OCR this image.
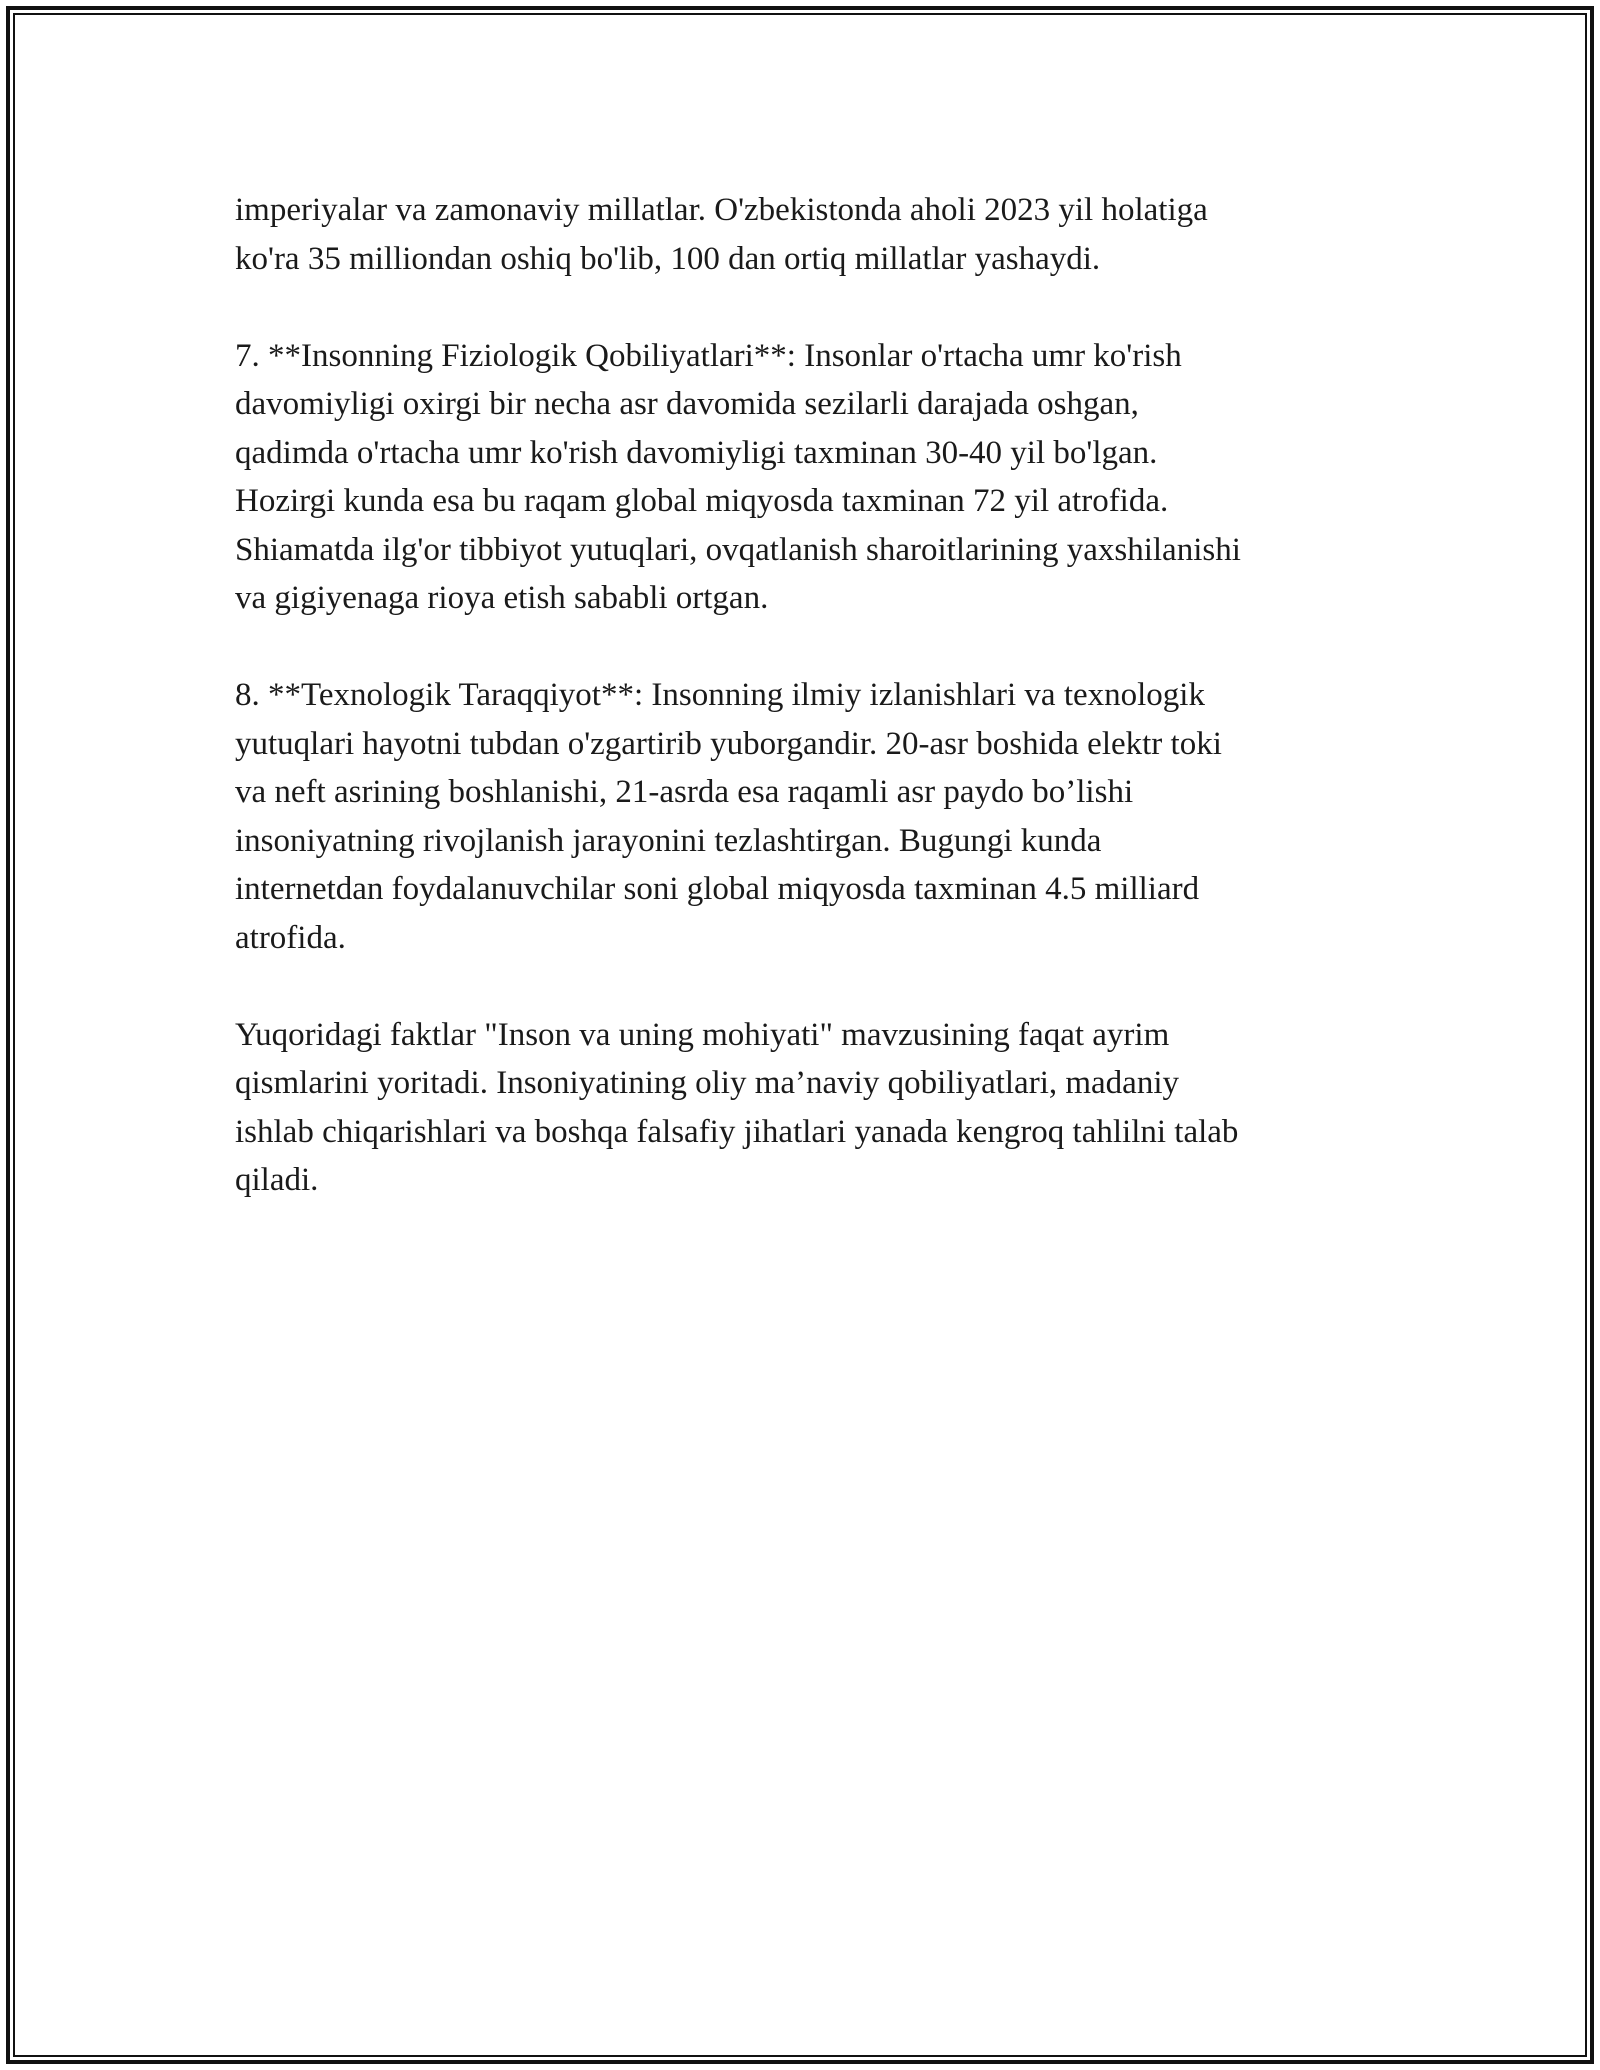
imperiyalar va zamonaviy millatlar. O'zbekistonda aholi 2023 yil holatiga
ko'ra 35 milliondan oshiq bo'lib, 100 dan ortiq millatlar yashaydi.

7. **Insonning Fiziologik Qobiliyatlari**: Insonlar o'rtacha umr ko'rish
davomiyligi oxirgi bir necha asr davomida sezilarli darajada oshgan,
qadimda o'rtacha umr ko'rish davomiyligi taxminan 30-40 yil bo'lgan.
Hozirgi kunda esa bu raqam global miqyosda taxminan 72 yil atrofida.
Shiamatda ilg'or tibbiyot yutuqlari, ovqatlanish sharoitlarining yaxshilanishi
va gigiyenaga rioya etish sababli ortgan.

8. **Texnologik Taraqqiyot**: Insonning ilmiy izlanishlari va texnologik
yutuqlari hayotni tubdan o'zgartirib yuborgandir. 20-asr boshida elektr toki
va neft asrining boshlanishi, 21-asrda esa raqamli asr paydo bo’lishi
insoniyatning rivojlanish jarayonini tezlashtirgan. Bugungi kunda
internetdan foydalanuvchilar soni global miqyosda taxminan 4.5 milliard
atrofida.

Yuqoridagi faktlar "Inson va uning mohiyati" mavzusining faqat ayrim
qismlarini yoritadi. Insoniyatining oliy ma’naviy qobiliyatlari, madaniy
ishlab chiqarishlari va boshqa falsafiy jihatlari yanada kengroq tahlilni talab
qiladi.
